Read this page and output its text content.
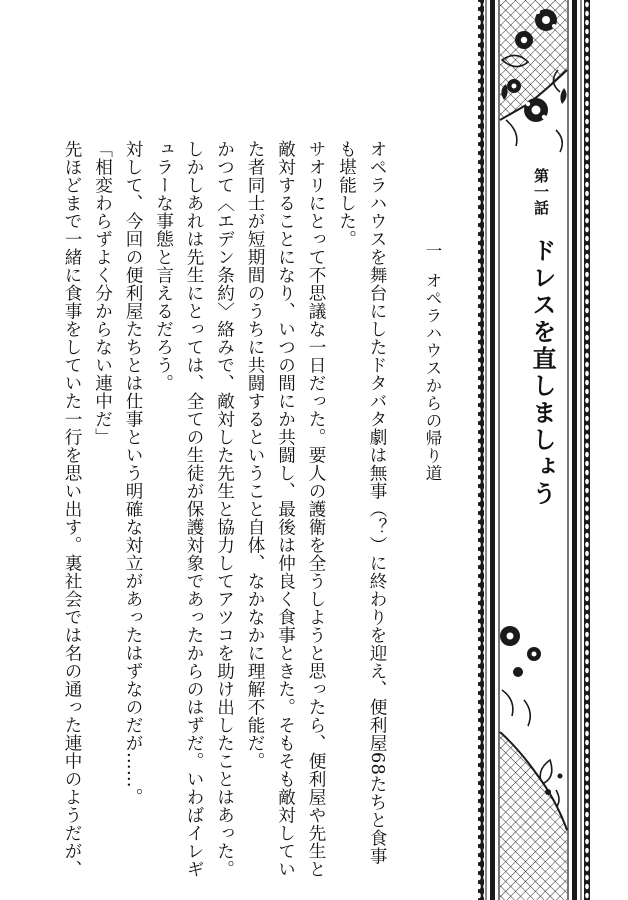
第一話
ドレスを直しましょう
一
オペラハウスからの帰り道

オペラハウスを舞台にしたドタバタ劇は無事（？）に終わりを迎え、便利屋68たちと食事も堪能した。

サオリにとって不思議な一日だった。要人の護衛を全うしようと思ったら、便利屋や先生と敵対することになり、いつの間にか共闘し、最後は仲良く食事ときた。そもそも敵対していた者同士が短期間のうちに共闘するということ自体、なかなかに理解不能だ。

かつて〈エデン条約〉絡みで、敵対した先生と協力してアツコを助け出したことはあった。しかしあれは先生にとっては、全ての生徒が保護対象であったからのはずだ。いわばイレギュラーな事態と言えるだろう。

対して、今回の便利屋たちとは仕事という明確な対立があったはずなのだが……。

「相変わらずよく分からない連中だ」

先ほどまで一緒に食事をしていた一行を思い出す。裏社会では名の通った連中のようだが、
